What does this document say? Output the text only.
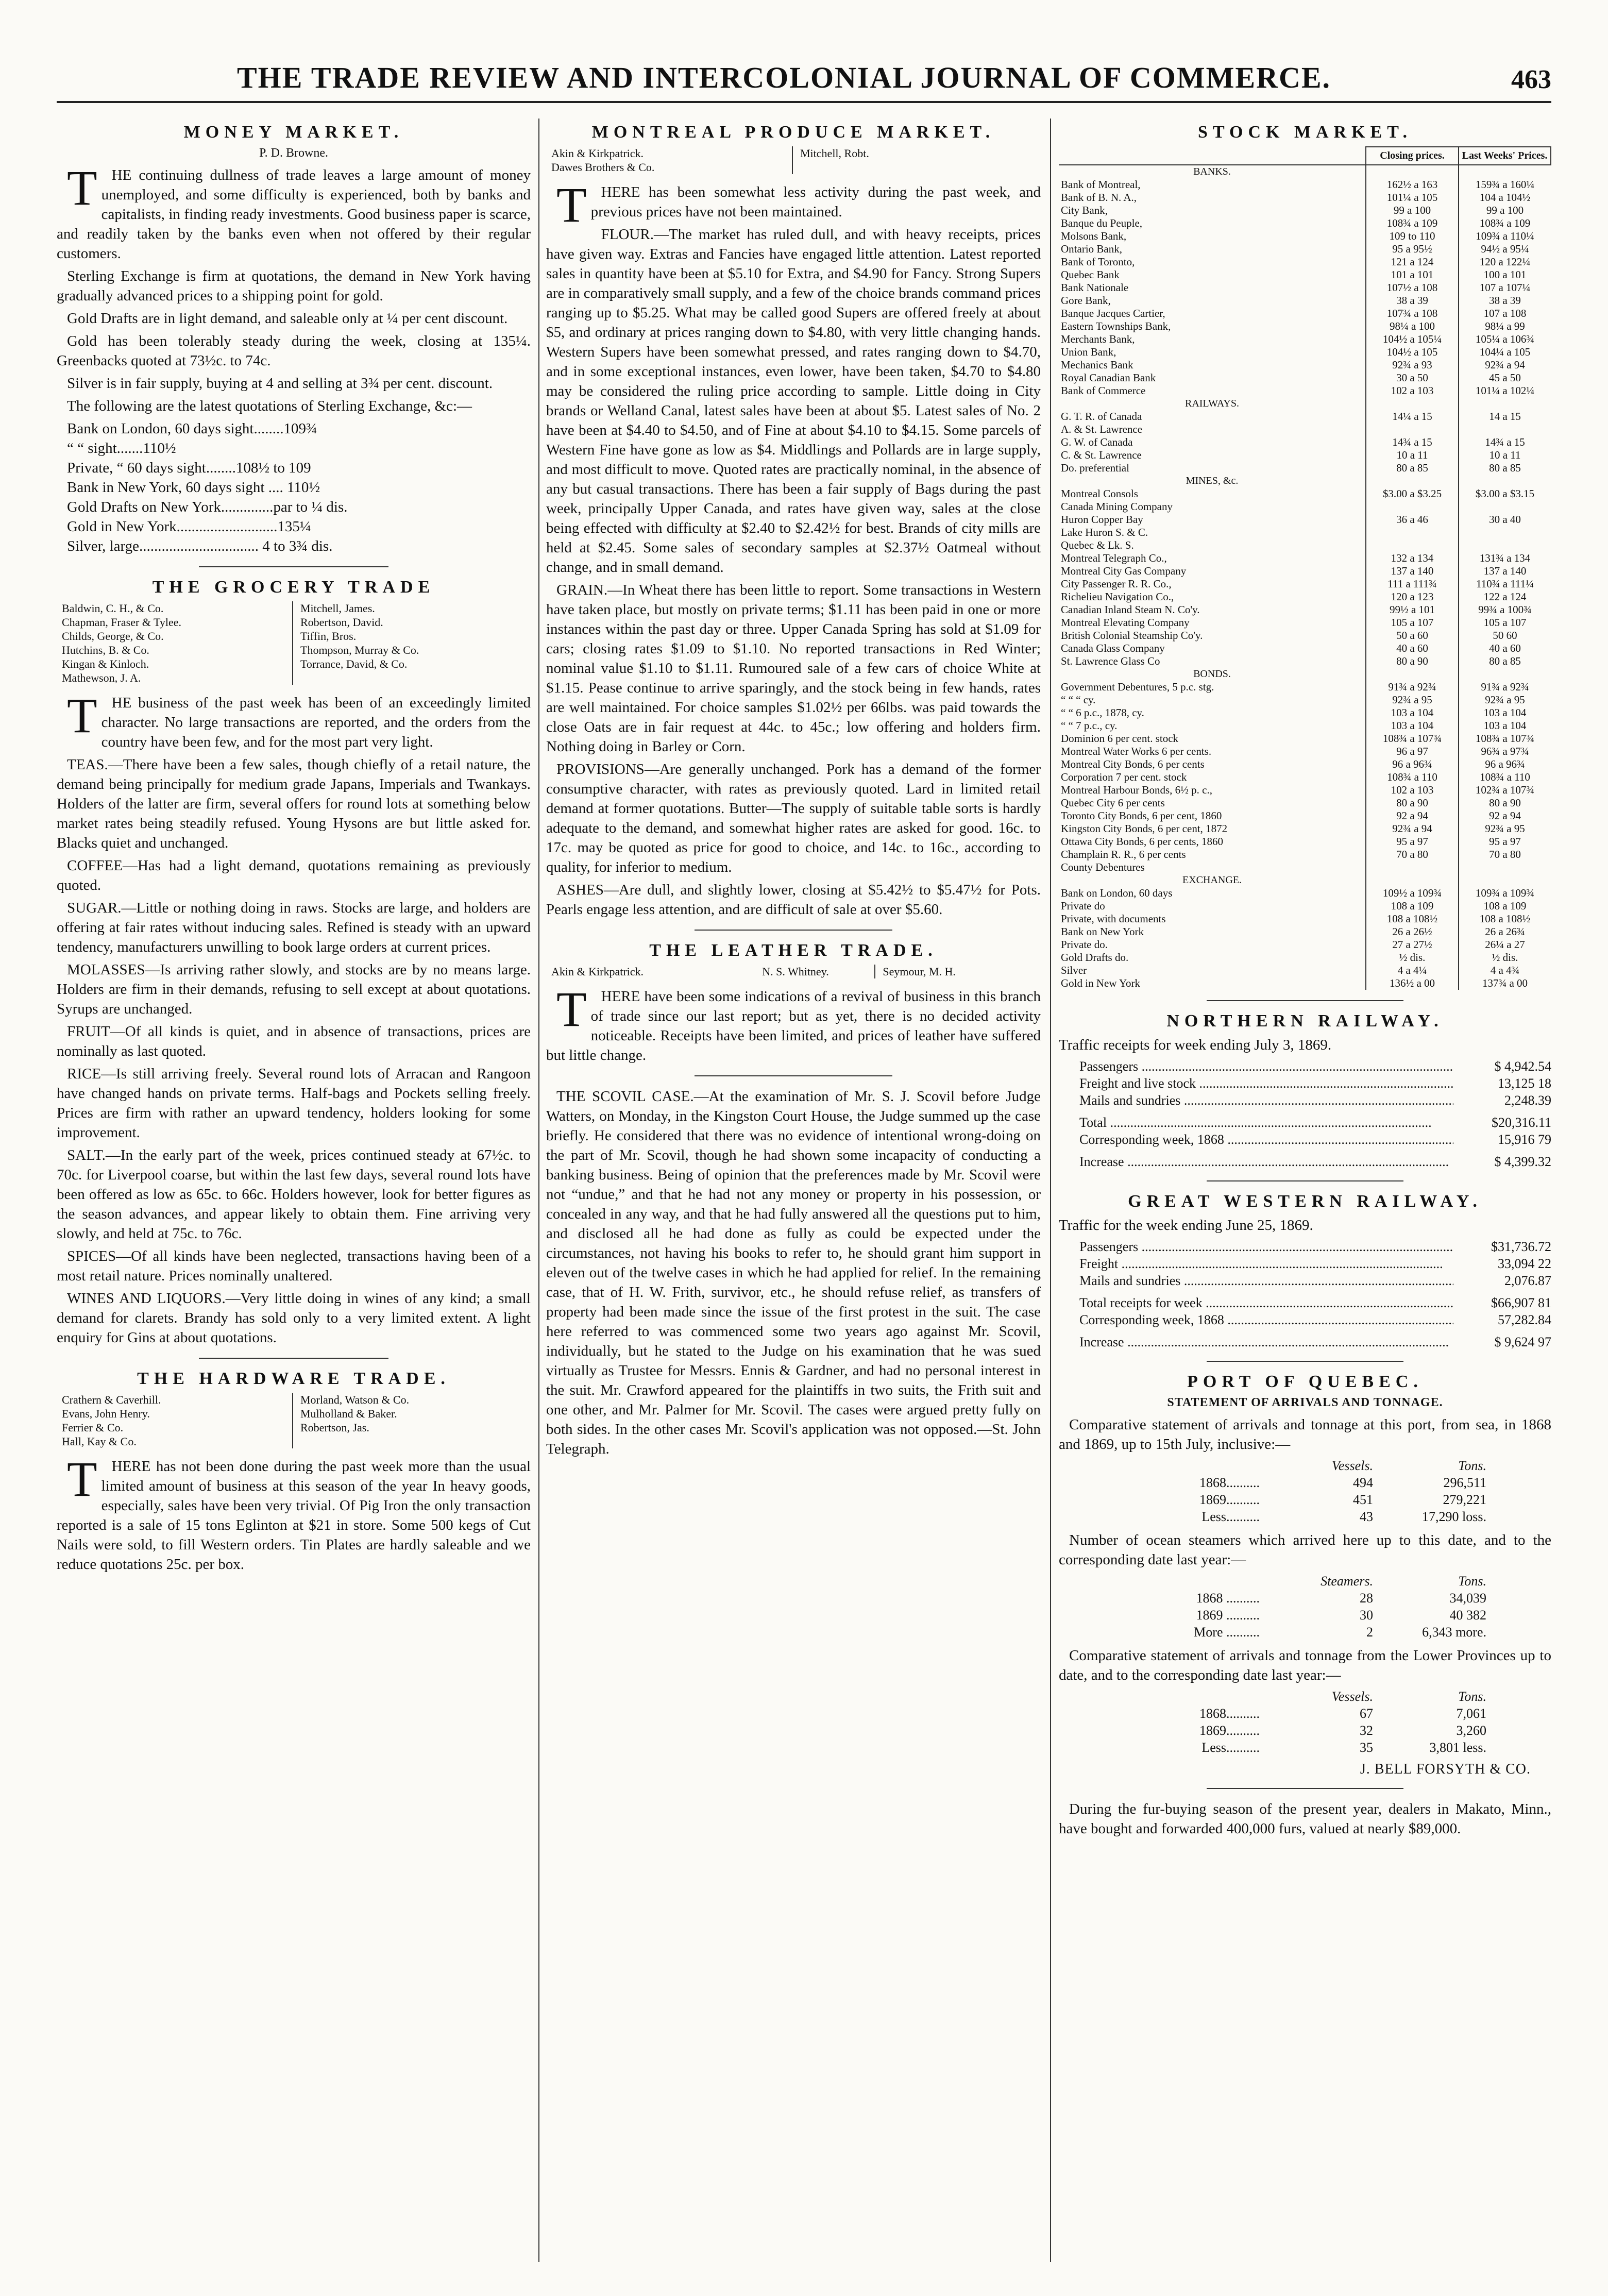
THE TRADE REVIEW AND INTERCOLONIAL JOURNAL OF COMMERCE.	463
MONEY MARKET.
P. D. Browne.

THE continuing dullness of trade leaves a large amount of money unemployed, and some difficulty is experienced, both by banks and capitalists, in finding ready investments. Good business paper is scarce, and readily taken by the banks even when not offered by their regular customers.

Sterling Exchange is firm at quotations, the demand in New York having gradually advanced prices to a shipping point for gold.

Gold Drafts are in light demand, and saleable only at ¼ per cent discount.

Gold has been tolerably steady during the week, closing at 135¼. Greenbacks quoted at 73½c. to 74c.

Silver is in fair supply, buying at 4 and selling at 3¾ per cent. discount.

The following are the latest quotations of Sterling Exchange, &c:—

Bank on London, 60 days sight........109¾
“ “ sight.......110½
Private, “ 60 days sight........108½ to 109
Bank in New York, 60 days sight .... 110½
Gold Drafts on New York..............par to ¼ dis.
Gold in New York...........................135¼
Silver, large................................ 4 to 3¾ dis.
THE GROCERY TRADE
Baldwin, C. H., & Co.
Chapman, Fraser & Tylee.
Childs, George, & Co.
Hutchins, B. & Co.
Kingan & Kinloch.
Mathewson, J. A.
Mitchell, James.
Robertson, David.
Tiffin, Bros.
Thompson, Murray & Co.
Torrance, David, & Co.

THE business of the past week has been of an exceedingly limited character. No large transactions are reported, and the orders from the country have been few, and for the most part very light.

TEAS.—There have been a few sales, though chiefly of a retail nature, the demand being principally for medium grade Japans, Imperials and Twankays. Holders of the latter are firm, several offers for round lots at something below market rates being steadily refused. Young Hysons are but little asked for. Blacks quiet and unchanged.

COFFEE—Has had a light demand, quotations remaining as previously quoted.

SUGAR.—Little or nothing doing in raws. Stocks are large, and holders are offering at fair rates without inducing sales. Refined is steady with an upward tendency, manufacturers unwilling to book large orders at current prices.

MOLASSES—Is arriving rather slowly, and stocks are by no means large. Holders are firm in their demands, refusing to sell except at about quotations. Syrups are unchanged.

FRUIT—Of all kinds is quiet, and in absence of transactions, prices are nominally as last quoted.

RICE—Is still arriving freely. Several round lots of Arracan and Rangoon have changed hands on private terms. Half-bags and Pockets selling freely. Prices are firm with rather an upward tendency, holders looking for some improvement.

SALT.—In the early part of the week, prices continued steady at 67½c. to 70c. for Liverpool coarse, but within the last few days, several round lots have been offered as low as 65c. to 66c. Holders however, look for better figures as the season advances, and appear likely to obtain them. Fine arriving very slowly, and held at 75c. to 76c.

SPICES—Of all kinds have been neglected, transactions having been of a most retail nature. Prices nominally unaltered.

WINES AND LIQUORS.—Very little doing in wines of any kind; a small demand for clarets. Brandy has sold only to a very limited extent. A light enquiry for Gins at about quotations.

THE HARDWARE TRADE.
Crathern & Caverhill.
Evans, John Henry.
Ferrier & Co.
Hall, Kay & Co.
Morland, Watson & Co.
Mulholland & Baker.
Robertson, Jas.

THERE has not been done during the past week more than the usual limited amount of business at this season of the year In heavy goods, especially, sales have been very trivial. Of Pig Iron the only transaction reported is a sale of 15 tons Eglinton at $21 in store. Some 500 kegs of Cut Nails were sold, to fill Western orders. Tin Plates are hardly saleable and we reduce quotations 25c. per box.

MONTREAL PRODUCE MARKET.
Akin & Kirkpatrick.
Dawes Brothers & Co.
Mitchell, Robt.

THERE has been somewhat less activity during the past week, and previous prices have not been maintained.

FLOUR.—The market has ruled dull, and with heavy receipts, prices have given way. Extras and Fancies have engaged little attention. Latest reported sales in quantity have been at $5.10 for Extra, and $4.90 for Fancy. Strong Supers are in comparatively small supply, and a few of the choice brands command prices ranging up to $5.25. What may be called good Supers are offered freely at about $5, and ordinary at prices ranging down to $4.80, with very little changing hands. Western Supers have been somewhat pressed, and rates ranging down to $4.70, and in some exceptional instances, even lower, have been taken, $4.70 to $4.80 may be considered the ruling price according to sample. Little doing in City brands or Welland Canal, latest sales have been at about $5. Latest sales of No. 2 have been at $4.40 to $4.50, and of Fine at about $4.10 to $4.15. Some parcels of Western Fine have gone as low as $4. Middlings and Pollards are in large supply, and most difficult to move. Quoted rates are practically nominal, in the absence of any but casual transactions. There has been a fair supply of Bags during the past week, principally Upper Canada, and rates have given way, sales at the close being effected with difficulty at $2.40 to $2.42½ for best. Brands of city mills are held at $2.45. Some sales of secondary samples at $2.37½ Oatmeal without change, and in small demand.

GRAIN.—In Wheat there has been little to report. Some transactions in Western have taken place, but mostly on private terms; $1.11 has been paid in one or more instances within the past day or three. Upper Canada Spring has sold at $1.09 for cars; closing rates $1.09 to $1.10. No reported transactions in Red Winter; nominal value $1.10 to $1.11. Rumoured sale of a few cars of choice White at $1.15. Pease continue to arrive sparingly, and the stock being in few hands, rates are well maintained. For choice samples $1.02½ per 66lbs. was paid towards the close Oats are in fair request at 44c. to 45c.; low offering and holders firm. Nothing doing in Barley or Corn.

PROVISIONS—Are generally unchanged. Pork has a demand of the former consumptive character, with rates as previously quoted. Lard in limited retail demand at former quotations. Butter—The supply of suitable table sorts is hardly adequate to the demand, and somewhat higher rates are asked for good. 16c. to 17c. may be quoted as price for good to choice, and 14c. to 16c., according to quality, for inferior to medium.

ASHES—Are dull, and slightly lower, closing at $5.42½ to $5.47½ for Pots. Pearls engage less attention, and are difficult of sale at over $5.60.

THE LEATHER TRADE.
Akin & Kirkpatrick.	N. S. Whitney.	Seymour, M. H.

THERE have been some indications of a revival of business in this branch of trade since our last report; but as yet, there is no decided activity noticeable. Receipts have been limited, and prices of leather have suffered but little change.

THE SCOVIL CASE.—At the examination of Mr. S. J. Scovil before Judge Watters, on Monday, in the Kingston Court House, the Judge summed up the case briefly. He considered that there was no evidence of intentional wrong-doing on the part of Mr. Scovil, though he had shown some incapacity of conducting a banking business. Being of opinion that the preferences made by Mr. Scovil were not “undue,” and that he had not any money or property in his possession, or concealed in any way, and that he had fully answered all the questions put to him, and disclosed all he had done as fully as could be expected under the circumstances, not having his books to refer to, he should grant him support in eleven out of the twelve cases in which he had applied for relief. In the remaining case, that of H. W. Frith, survivor, etc., he should refuse relief, as transfers of property had been made since the issue of the first protest in the suit. The case here referred to was commenced some two years ago against Mr. Scovil, individually, but he stated to the Judge on his examination that he was sued virtually as Trustee for Messrs. Ennis & Gardner, and had no personal interest in the suit. Mr. Crawford appeared for the plaintiffs in two suits, the Frith suit and one other, and Mr. Palmer for Mr. Scovil. The cases were argued pretty fully on both sides. In the other cases Mr. Scovil's application was not opposed.—St. John Telegraph.

STOCK MARKET.
	Closing prices.	Last Weeks' Prices.
BANKS.		
Bank of Montreal,	162½ a 163	159¾ a 160¼
Bank of B. N. A.,	101¼ a 105	104 a 104½
City Bank,	99 a 100	99 a 100
Banque du Peuple,	108¾ a 109	108¾ a 109
Molsons Bank,	109 to 110	109¾ a 110¼
Ontario Bank,	95 a 95½	94½ a 95¼
Bank of Toronto,	121 a 124	120 a 122¼
Quebec Bank	101 a 101	100 a 101
Bank Nationale	107½ a 108	107 a 107¼
Gore Bank,	38 a 39	38 a 39
Banque Jacques Cartier,	107¾ a 108	107 a 108
Eastern Townships Bank,	98¼ a 100	98¼ a 99
Merchants Bank,	104½ a 105¼	105¼ a 106¾
Union Bank,	104½ a 105	104¼ a 105
Mechanics Bank	92¾ a 93	92¾ a 94
Royal Canadian Bank	30 a 50	45 a 50
Bank of Commerce	102 a 103	101¼ a 102¼
RAILWAYS.		
G. T. R. of Canada	14¼ a 15	14 a 15
A. & St. Lawrence		
G. W. of Canada	14¾ a 15	14¾ a 15
C. & St. Lawrence	10 a 11	10 a 11
Do. preferential	80 a 85	80 a 85
MINES, &c.		
Montreal Consols	$3.00 a $3.25	$3.00 a $3.15
Canada Mining Company		
Huron Copper Bay	36 a 46	30 a 40
Lake Huron S. & C.		
Quebec & Lk. S.		
Montreal Telegraph Co.,	132 a 134	131¾ a 134
Montreal City Gas Company	137 a 140	137 a 140
City Passenger R. R. Co.,	111 a 111¾	110¾ a 111¼
Richelieu Navigation Co.,	120 a 123	122 a 124
Canadian Inland Steam N. Co'y.	99½ a 101	99¾ a 100¾
Montreal Elevating Company	105 a 107	105 a 107
British Colonial Steamship Co'y.	50 a 60	50 60
Canada Glass Company	40 a 60	40 a 60
St. Lawrence Glass Co	80 a 90	80 a 85
BONDS.		
Government Debentures, 5 p.c. stg.	91¾ a 92¾	91¾ a 92¾
“ “ “ cy.	92¾ a 95	92¾ a 95
“ “ 6 p.c., 1878, cy.	103 a 104	103 a 104
“ “ 7 p.c., cy.	103 a 104	103 a 104
Dominion 6 per cent. stock	108¾ a 107¾	108¾ a 107¾
Montreal Water Works 6 per cents.	96 a 97	96¾ a 97¾
Montreal City Bonds, 6 per cents	96 a 96¾	96 a 96¾
Corporation 7 per cent. stock	108¾ a 110	108¾ a 110
Montreal Harbour Bonds, 6½ p. c.,	102 a 103	102¾ a 107¾
Quebec City 6 per cents	80 a 90	80 a 90
Toronto City Bonds, 6 per cent, 1860	92 a 94	92 a 94
Kingston City Bonds, 6 per cent, 1872	92¾ a 94	92¾ a 95
Ottawa City Bonds, 6 per cents, 1860	95 a 97	95 a 97
Champlain R. R., 6 per cents	70 a 80	70 a 80
County Debentures		
EXCHANGE.		
Bank on London, 60 days	109½ a 109¾	109¾ a 109¾
Private do	108 a 109	108 a 109
Private, with documents	108 a 108½	108 a 108½
Bank on New York	26 a 26½	26 a 26¾
Private do.	27 a 27½	26¼ a 27
Gold Drafts do.	½ dis.	½ dis.
Silver	4 a 4¼	4 a 4¾
Gold in New York	136½ a 00	137¾ a 00
NORTHERN RAILWAY.

Traffic receipts for week ending July 3, 1869.

Passengers .....	$ 4,942.54
Freight and live stock .....	13,125 18
Mails and sundries .....	2,248.39
Total .....	$20,316.11
Corresponding week, 1868 .....	15,916 79
Increase .....	$ 4,399.32
GREAT WESTERN RAILWAY.

Traffic for the week ending June 25, 1869.

Passengers .....	$31,736.72
Freight .....	33,094 22
Mails and sundries .....	2,076.87
Total receipts for week .....	$66,907 81
Corresponding week, 1868 .....	57,282.84
Increase .....	$ 9,624 97
PORT OF QUEBEC.
STATEMENT OF ARRIVALS AND TONNAGE.

Comparative statement of arrivals and tonnage at this port, from sea, in 1868 and 1869, up to 15th July, inclusive:—

Vessels.	Tons.
1868..........	494	296,511
1869..........	451	279,221
Less..........	43	17,290 loss.

Number of ocean steamers which arrived here up to this date, and to the corresponding date last year:—

Steamers.	Tons.
1868 ..........	28	34,039
1869 ..........	30	40 382
More ..........	2	6,343 more.

Comparative statement of arrivals and tonnage from the Lower Provinces up to date, and to the corresponding date last year:—

Vessels.	Tons.
1868..........	67	7,061
1869..........	32	3,260
Less..........	35	3,801 less.
J. BELL FORSYTH & CO.

During the fur-buying season of the present year, dealers in Makato, Minn., have bought and forwarded 400,000 furs, valued at nearly $89,000.
